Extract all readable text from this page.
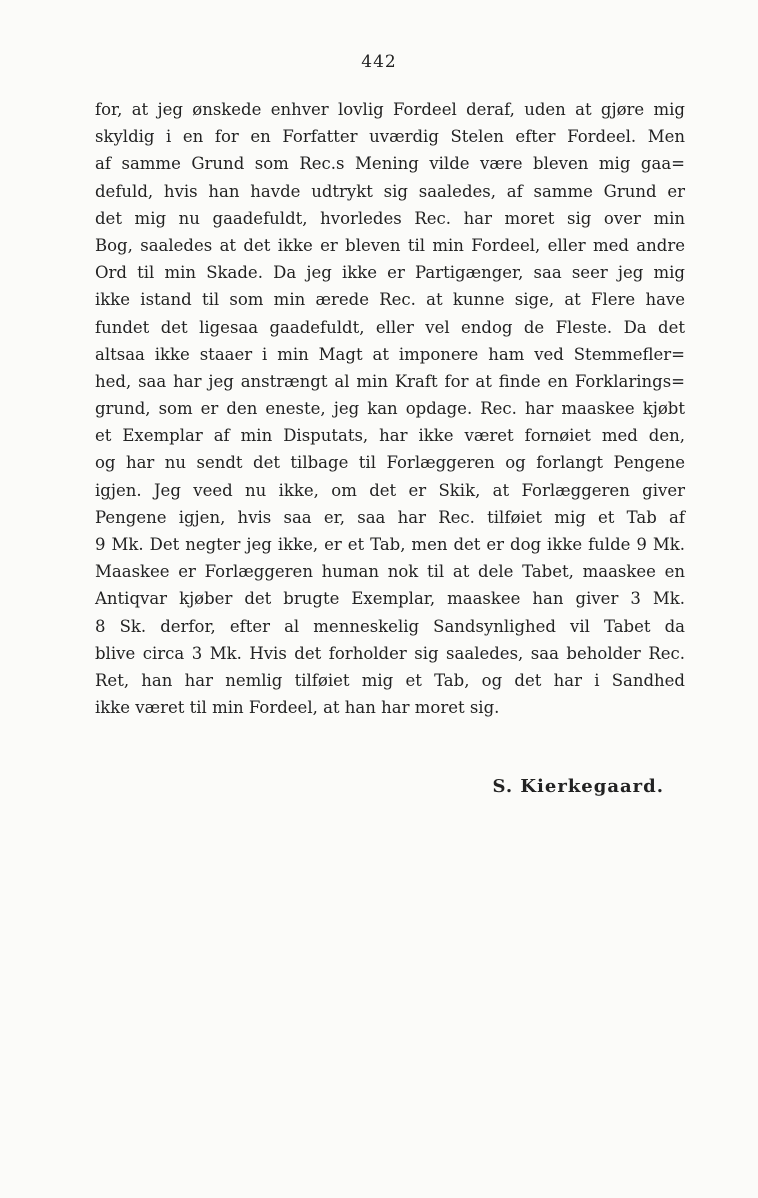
442
for, at jeg ønskede enhver lovlig Fordeel deraf, uden at gjøre mig
skyldig i en for en Forfatter uværdig Stelen efter Fordeel. Men
af samme Grund som Rec.s Mening vilde være bleven mig gaa=
defuld, hvis han havde udtrykt sig saaledes, af samme Grund er
det mig nu gaadefuldt, hvorledes Rec. har moret sig over min
Bog, saaledes at det ikke er bleven til min Fordeel, eller med andre
Ord til min Skade. Da jeg ikke er Partigænger, saa seer jeg mig
ikke istand til som min ærede Rec. at kunne sige, at Flere have
fundet det ligesaa gaadefuldt, eller vel endog de Fleste. Da det
altsaa ikke staaer i min Magt at imponere ham ved Stemmefler=
hed, saa har jeg anstrængt al min Kraft for at finde en Forklarings=
grund, som er den eneste, jeg kan opdage. Rec. har maaskee kjøbt
et Exemplar af min Disputats, har ikke været fornøiet med den,
og har nu sendt det tilbage til Forlæggeren og forlangt Pengene
igjen. Jeg veed nu ikke, om det er Skik, at Forlæggeren giver
Pengene igjen, hvis saa er, saa har Rec. tilføiet mig et Tab af
9 Mk. Det negter jeg ikke, er et Tab, men det er dog ikke fulde 9 Mk.
Maaskee er Forlæggeren human nok til at dele Tabet, maaskee en
Antiqvar kjøber det brugte Exemplar, maaskee han giver 3 Mk.
8 Sk. derfor, efter al menneskelig Sandsynlighed vil Tabet da
blive circa 3 Mk. Hvis det forholder sig saaledes, saa beholder Rec.
Ret, han har nemlig tilføiet mig et Tab, og det har i Sandhed
ikke været til min Fordeel, at han har moret sig.
S. Kierkegaard.
